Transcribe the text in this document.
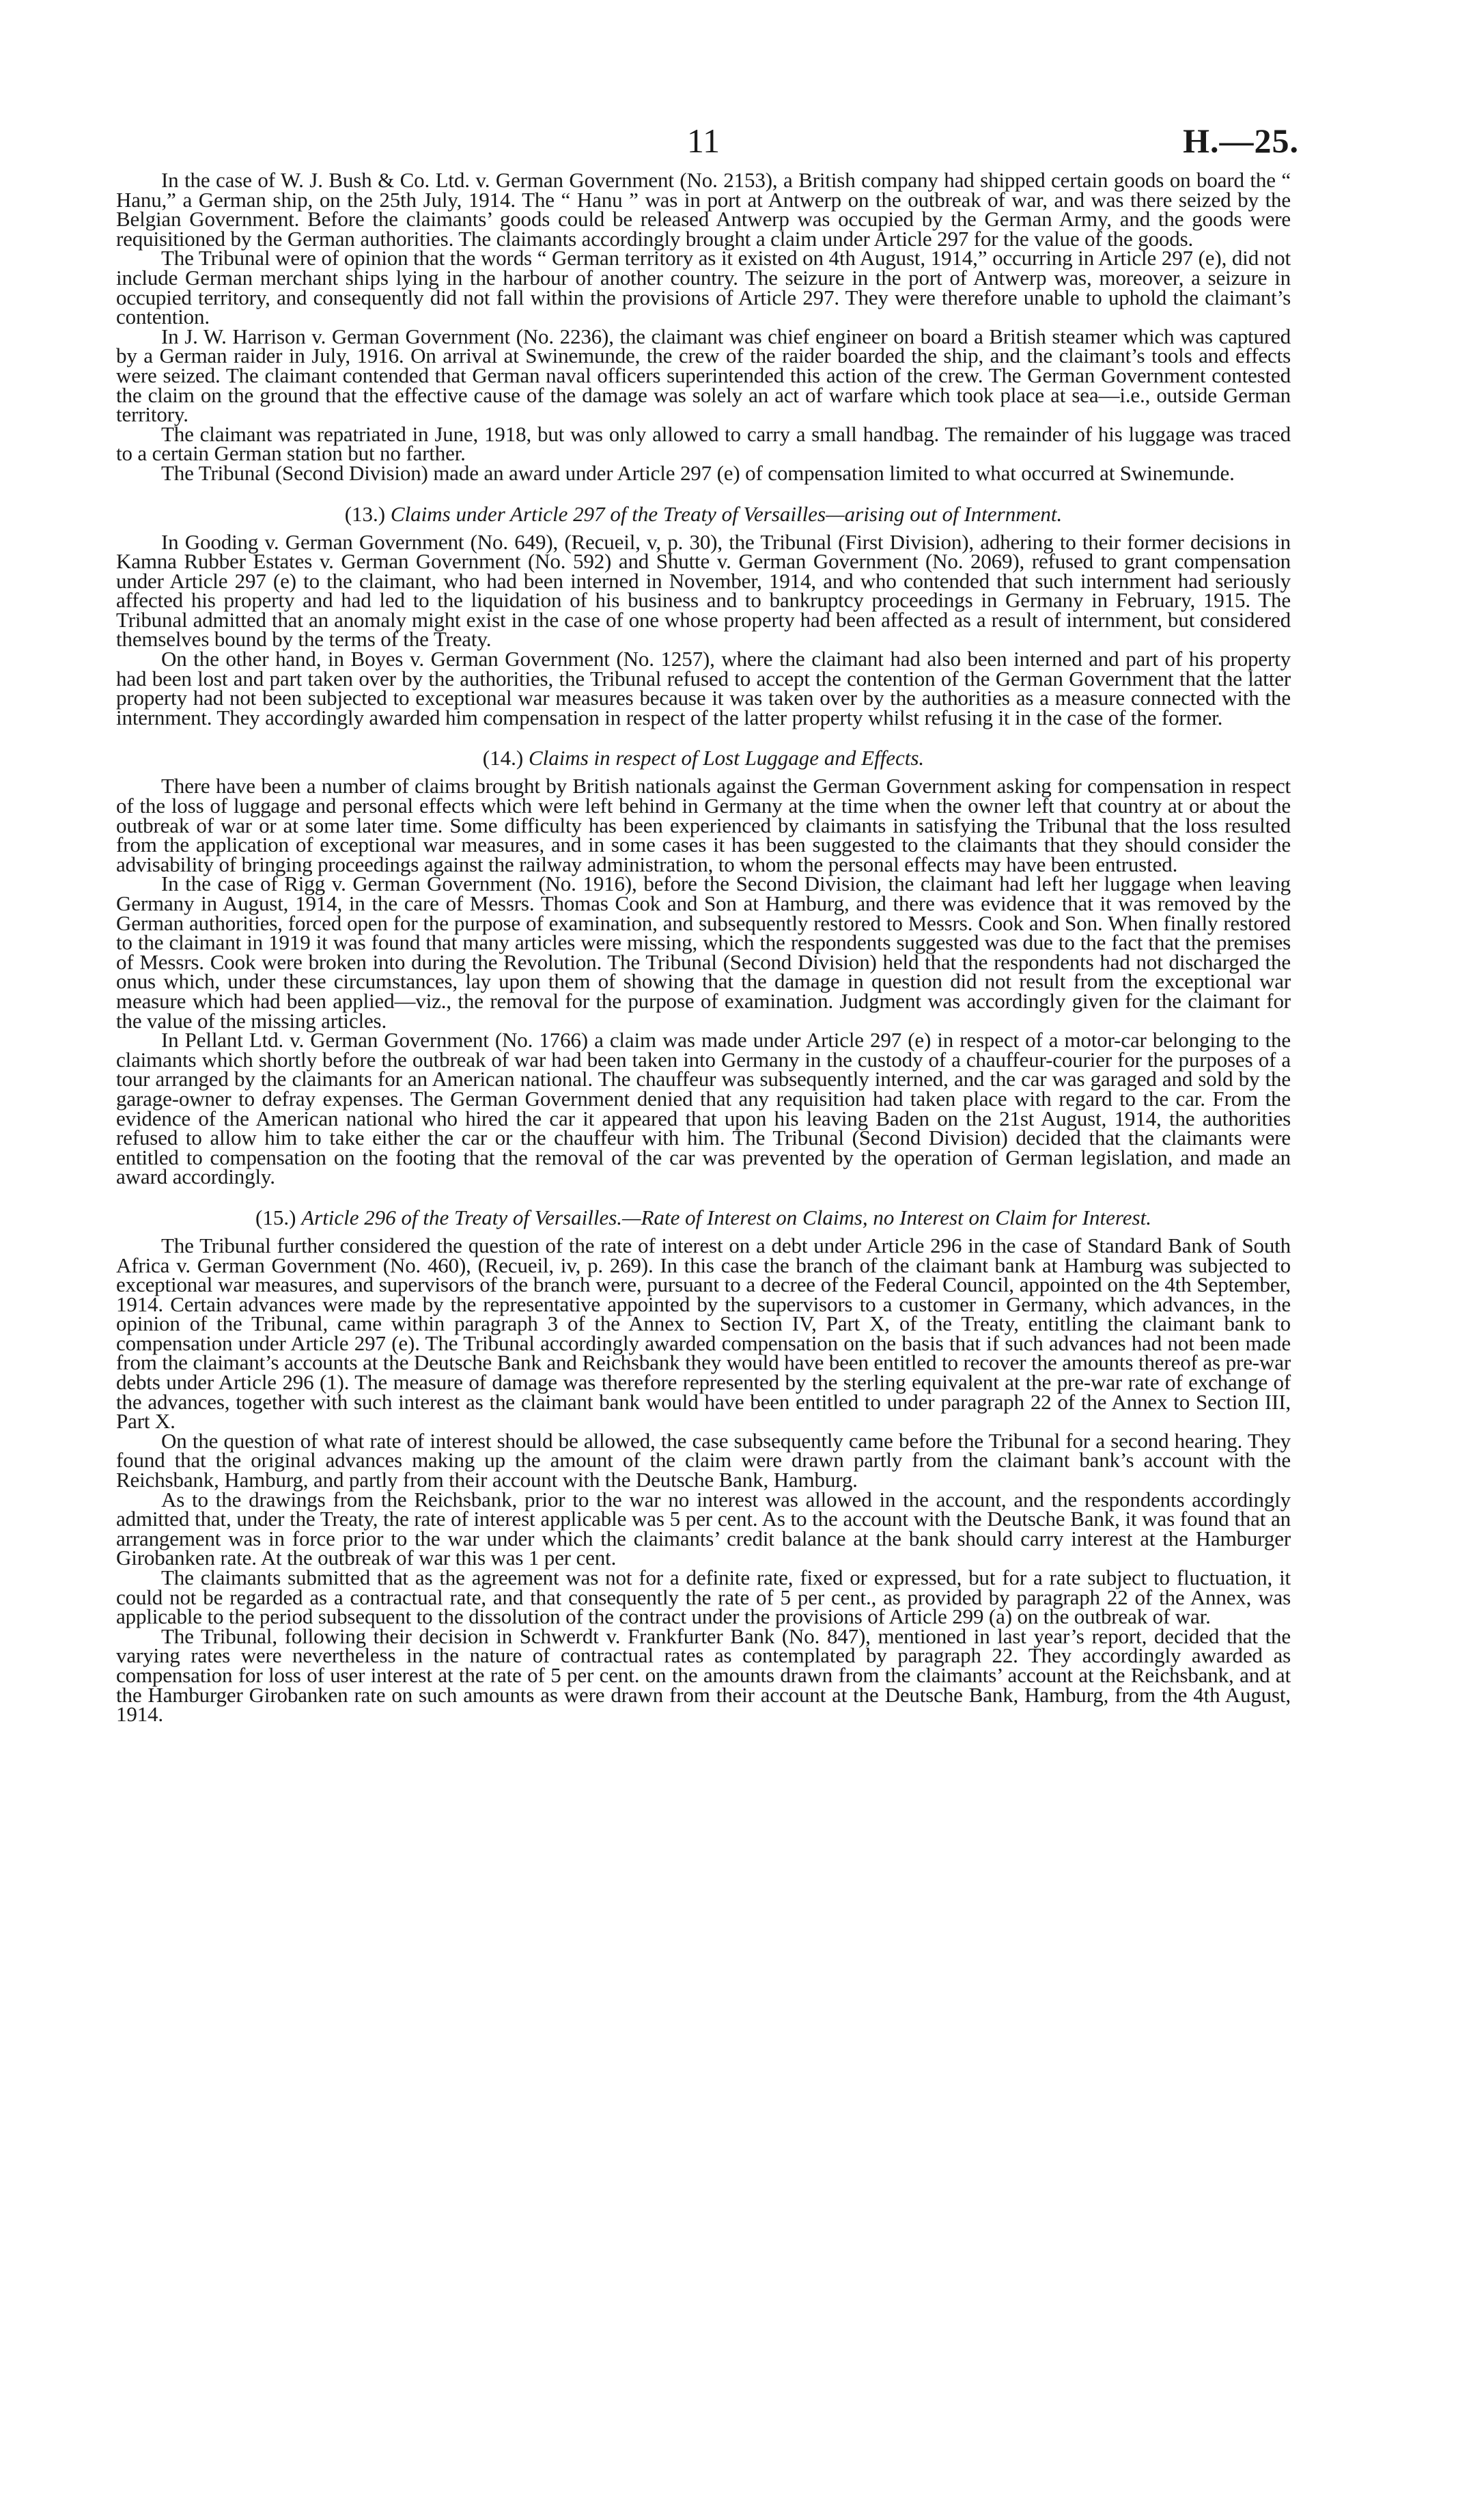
11	H.—25.

In the case of W. J. Bush & Co. Ltd. v. German Government (No. 2153), a British company had shipped certain goods on board the “ Hanu,” a German ship, on the 25th July, 1914. The “ Hanu ” was in port at Antwerp on the outbreak of war, and was there seized by the Belgian Government. Before the claimants’ goods could be released Antwerp was occupied by the German Army, and the goods were requisitioned by the German authorities. The claimants accordingly brought a claim under Article 297 for the value of the goods.

The Tribunal were of opinion that the words “ German territory as it existed on 4th August, 1914,” occurring in Article 297 (e), did not include German merchant ships lying in the harbour of another country. The seizure in the port of Antwerp was, moreover, a seizure in occupied territory, and consequently did not fall within the provisions of Article 297. They were therefore unable to uphold the claimant’s contention.

In J. W. Harrison v. German Government (No. 2236), the claimant was chief engineer on board a British steamer which was captured by a German raider in July, 1916. On arrival at Swinemunde, the crew of the raider boarded the ship, and the claimant’s tools and effects were seized. The claimant contended that German naval officers superintended this action of the crew. The German Government contested the claim on the ground that the effective cause of the damage was solely an act of warfare which took place at sea—i.e., outside German territory.

The claimant was repatriated in June, 1918, but was only allowed to carry a small handbag. The remainder of his luggage was traced to a certain German station but no farther.

The Tribunal (Second Division) made an award under Article 297 (e) of compensation limited to what occurred at Swinemunde.

(13.) Claims under Article 297 of the Treaty of Versailles—arising out of Internment.

In Gooding v. German Government (No. 649), (Recueil, v, p. 30), the Tribunal (First Division), adhering to their former decisions in Kamna Rubber Estates v. German Government (No. 592) and Shutte v. German Government (No. 2069), refused to grant compensation under Article 297 (e) to the claimant, who had been interned in November, 1914, and who contended that such internment had seriously affected his property and had led to the liquidation of his business and to bankruptcy proceedings in Germany in February, 1915. The Tribunal admitted that an anomaly might exist in the case of one whose property had been affected as a result of internment, but considered themselves bound by the terms of the Treaty.

On the other hand, in Boyes v. German Government (No. 1257), where the claimant had also been interned and part of his property had been lost and part taken over by the authorities, the Tribunal refused to accept the contention of the German Government that the latter property had not been subjected to exceptional war measures because it was taken over by the authorities as a measure connected with the internment. They accordingly awarded him compensation in respect of the latter property whilst refusing it in the case of the former.

(14.) Claims in respect of Lost Luggage and Effects.

There have been a number of claims brought by British nationals against the German Government asking for compensation in respect of the loss of luggage and personal effects which were left behind in Germany at the time when the owner left that country at or about the outbreak of war or at some later time. Some difficulty has been experienced by claimants in satisfying the Tribunal that the loss resulted from the application of exceptional war measures, and in some cases it has been suggested to the claimants that they should consider the advisability of bringing proceedings against the railway administration, to whom the personal effects may have been entrusted.

In the case of Rigg v. German Government (No. 1916), before the Second Division, the claimant had left her luggage when leaving Germany in August, 1914, in the care of Messrs. Thomas Cook and Son at Hamburg, and there was evidence that it was removed by the German authorities, forced open for the purpose of examination, and subsequently restored to Messrs. Cook and Son. When finally restored to the claimant in 1919 it was found that many articles were missing, which the respondents suggested was due to the fact that the premises of Messrs. Cook were broken into during the Revolution. The Tribunal (Second Division) held that the respondents had not discharged the onus which, under these circumstances, lay upon them of showing that the damage in question did not result from the exceptional war measure which had been applied—viz., the removal for the purpose of examination. Judgment was accordingly given for the claimant for the value of the missing articles.

In Pellant Ltd. v. German Government (No. 1766) a claim was made under Article 297 (e) in respect of a motor-car belonging to the claimants which shortly before the outbreak of war had been taken into Germany in the custody of a chauffeur-courier for the purposes of a tour arranged by the claimants for an American national. The chauffeur was subsequently interned, and the car was garaged and sold by the garage-owner to defray expenses. The German Government denied that any requisition had taken place with regard to the car. From the evidence of the American national who hired the car it appeared that upon his leaving Baden on the 21st August, 1914, the authorities refused to allow him to take either the car or the chauffeur with him. The Tribunal (Second Division) decided that the claimants were entitled to compensation on the footing that the removal of the car was prevented by the operation of German legislation, and made an award accordingly.

(15.) Article 296 of the Treaty of Versailles.—Rate of Interest on Claims, no Interest on Claim for Interest.

The Tribunal further considered the question of the rate of interest on a debt under Article 296 in the case of Standard Bank of South Africa v. German Government (No. 460), (Recueil, iv, p. 269). In this case the branch of the claimant bank at Hamburg was subjected to exceptional war measures, and supervisors of the branch were, pursuant to a decree of the Federal Council, appointed on the 4th September, 1914. Certain advances were made by the representative appointed by the supervisors to a customer in Germany, which advances, in the opinion of the Tribunal, came within paragraph 3 of the Annex to Section IV, Part X, of the Treaty, entitling the claimant bank to compensation under Article 297 (e). The Tribunal accordingly awarded compensation on the basis that if such advances had not been made from the claimant’s accounts at the Deutsche Bank and Reichsbank they would have been entitled to recover the amounts thereof as pre-war debts under Article 296 (1). The measure of damage was therefore represented by the sterling equivalent at the pre-war rate of exchange of the advances, together with such interest as the claimant bank would have been entitled to under paragraph 22 of the Annex to Section III, Part X.

On the question of what rate of interest should be allowed, the case subsequently came before the Tribunal for a second hearing. They found that the original advances making up the amount of the claim were drawn partly from the claimant bank’s account with the Reichsbank, Hamburg, and partly from their account with the Deutsche Bank, Hamburg.

As to the drawings from the Reichsbank, prior to the war no interest was allowed in the account, and the respondents accordingly admitted that, under the Treaty, the rate of interest applicable was 5 per cent. As to the account with the Deutsche Bank, it was found that an arrangement was in force prior to the war under which the claimants’ credit balance at the bank should carry interest at the Hamburger Girobanken rate. At the outbreak of war this was 1 per cent.

The claimants submitted that as the agreement was not for a definite rate, fixed or expressed, but for a rate subject to fluctuation, it could not be regarded as a contractual rate, and that consequently the rate of 5 per cent., as provided by paragraph 22 of the Annex, was applicable to the period subsequent to the dissolution of the contract under the provisions of Article 299 (a) on the outbreak of war.

The Tribunal, following their decision in Schwerdt v. Frankfurter Bank (No. 847), mentioned in last year’s report, decided that the varying rates were nevertheless in the nature of contractual rates as contemplated by paragraph 22. They accordingly awarded as compensation for loss of user interest at the rate of 5 per cent. on the amounts drawn from the claimants’ account at the Reichsbank, and at the Hamburger Girobanken rate on such amounts as were drawn from their account at the Deutsche Bank, Hamburg, from the 4th August, 1914.
